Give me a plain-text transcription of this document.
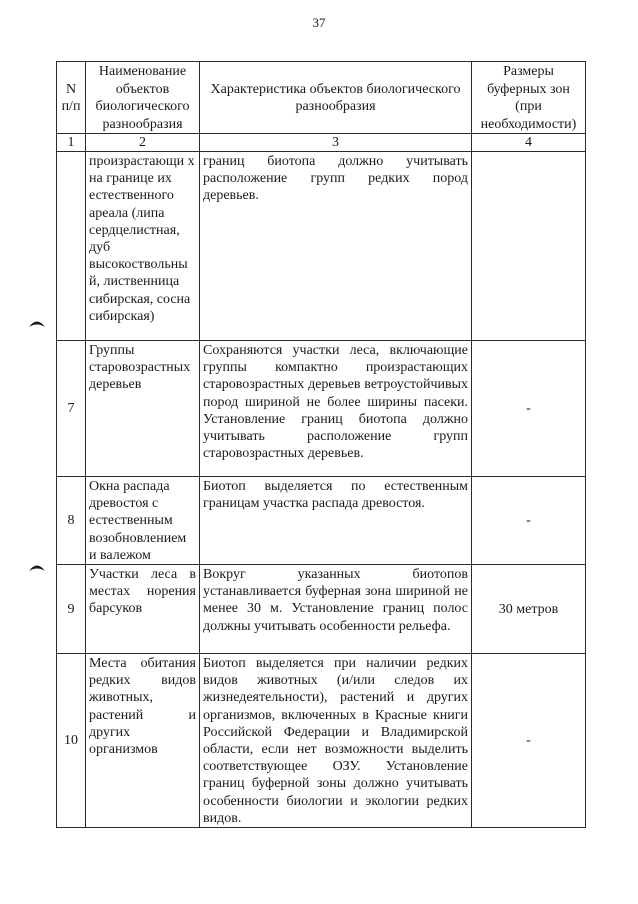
37
N п/п	Наименование объектов биологического разнообразия	Характеристика объектов биологического разнообразия	Размеры буферных зон (при необходимости)
1	2	3	4
	произрастающи х на границе их естественного ареала (липа сердцелистная, дуб высокоствольны й, лиственница сибирская, сосна сибирская)	границ биотопа должно учитывать расположение групп редких пород деревьев.	
7	Группы старовозрастных деревьев	Сохраняются участки леса, включающие группы компактно произрастающих старовозрастных деревьев ветроустойчивых пород шириной не более ширины пасеки. Установление границ биотопа должно учитывать расположение групп старовозрастных деревьев.	-
8	Окна распада древостоя с естественным возобновлением и валежом	Биотоп выделяется по естественным границам участка распада древостоя.	-
9	Участки леса в местах норения барсуков	Вокруг указанных биотопов устанавливается буферная зона шириной не менее 30 м. Установление границ полос должны учитывать особенности рельефа.	30 метров
10	Места обитания редких видов животных, растений и других организмов	Биотоп выделяется при наличии редких видов животных (и/или следов их жизнедеятельности), растений и других организмов, включенных в Красные книги Российской Федерации и Владимирской области, если нет возможности выделить соответствующее ОЗУ. Установление границ буферной зоны должно учитывать особенности биологии и экологии редких видов.	-
